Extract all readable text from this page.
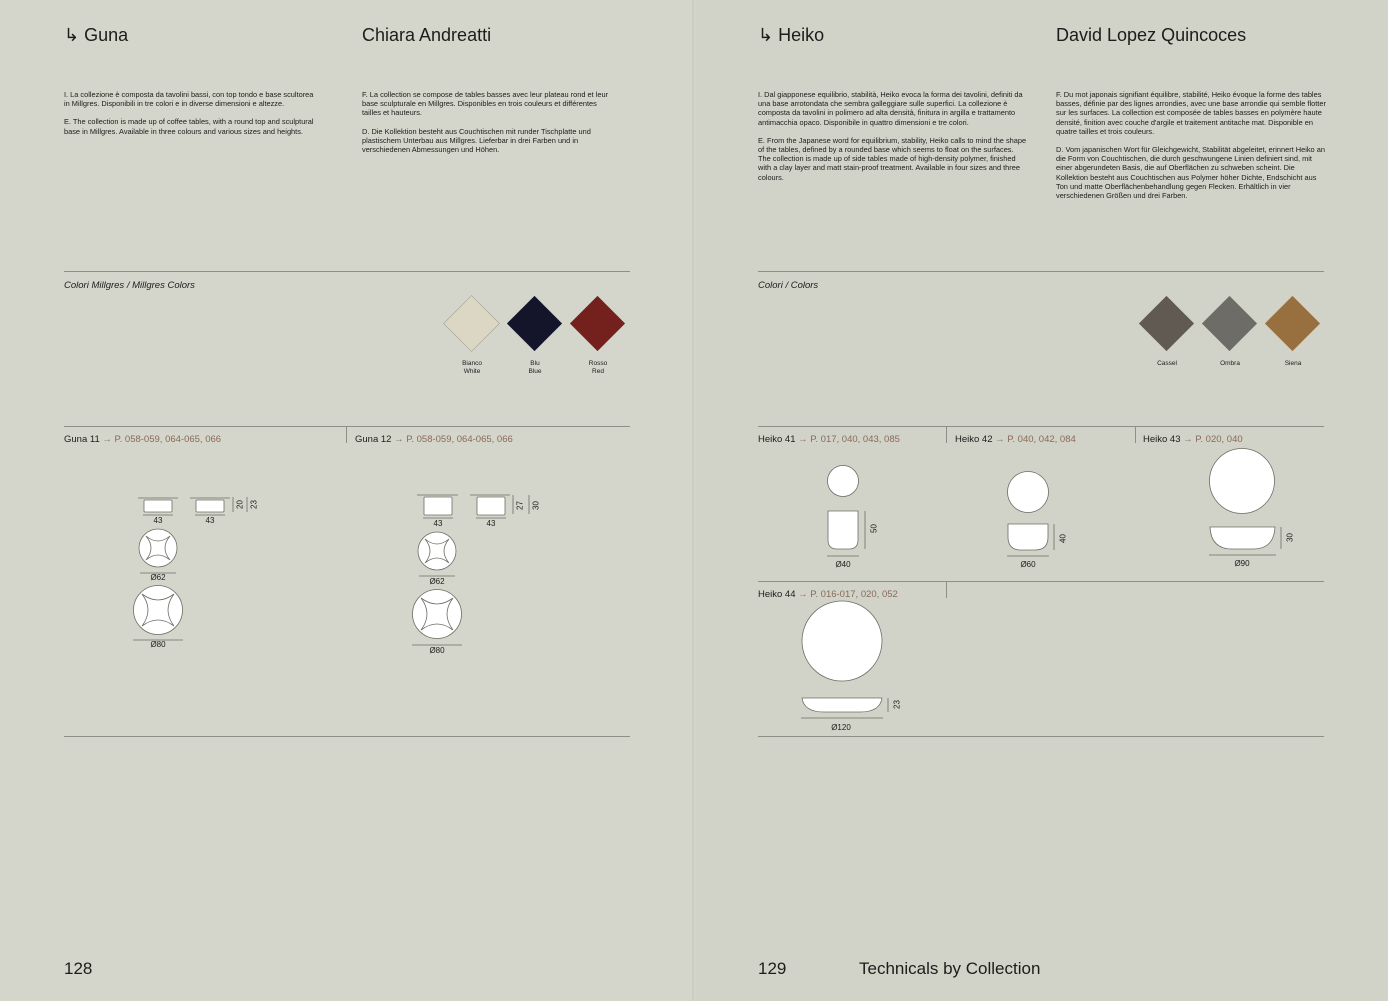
↳ Guna	Chiara Andreatti

I. La collezione è composta da tavolini bassi, con top tondo e base scultorea in Millgres. Disponibili in tre colori e in diverse dimensioni e altezze.

E. The collection is made up of coffee tables, with a round top and sculptural base in Millgres. Available in three colours and various sizes and heights.

F. La collection se compose de tables basses avec leur plateau rond et leur base sculpturale en Millgres. Disponibles en trois couleurs et différentes tailles et hauteurs.

D. Die Kollektion besteht aus Couchtischen mit runder Tischplatte und plastischem Unterbau aus Millgres. Lieferbar in drei Farben und in verschiedenen Abmessungen und Höhen.

Colori Millgres / Millgres Colors
Bianco
White
Blu
Blue
Rosso
Red
Guna 11 → P. 058-059, 064-065, 066	Guna 12 → P. 058-059, 064-065, 066
43	43
20 23
Ø62
Ø80
43	43
27 30
Ø62
Ø80
128
↳ Heiko	David Lopez Quincoces

I. Dal giapponese equilibrio, stabilità, Heiko evoca la forma dei tavolini, definiti da una base arrotondata che sembra galleggiare sulle superfici. La collezione è composta da tavolini in polimero ad alta densità, finitura in argilla e trattamento antimacchia opaco. Disponibile in quattro dimensioni e tre colori.

E. From the Japanese word for equilibrium, stability, Heiko calls to mind the shape of the tables, defined by a rounded base which seems to float on the surfaces. The collection is made up of side tables made of high-density polymer, finished with a clay layer and matt stain-proof treatment. Available in four sizes and three colours.

F. Du mot japonais signifiant équilibre, stabilité, Heiko évoque la forme des tables basses, définie par des lignes arrondies, avec une base arrondie qui semble flotter sur les surfaces. La collection est composée de tables basses en polymère haute densité, finition avec couche d'argile et traitement antitache mat. Disponible en quatre tailles et trois couleurs.

D. Vom japanischen Wort für Gleichgewicht, Stabilität abgeleitet, erinnert Heiko an die Form von Couchtischen, die durch geschwungene Linien definiert sind, mit einer abgerundeten Basis, die auf Oberflächen zu schweben scheint. Die Kollektion besteht aus Couchtischen aus Polymer höher Dichte, Endschicht aus Ton und matte Oberflächenbehandlung gegen Flecken. Erhältlich in vier verschiedenen Größen und drei Farben.

Colori / Colors
Cassel	Ombra	Siena
Heiko 41 → P. 017, 040, 043, 085	Heiko 42 → P. 040, 042, 084	Heiko 43 → P. 020, 040
Ø40
50
Ø60
40
Ø90
30
Heiko 44 → P. 016-017, 020, 052
Ø120
23
129	Technicals by Collection
